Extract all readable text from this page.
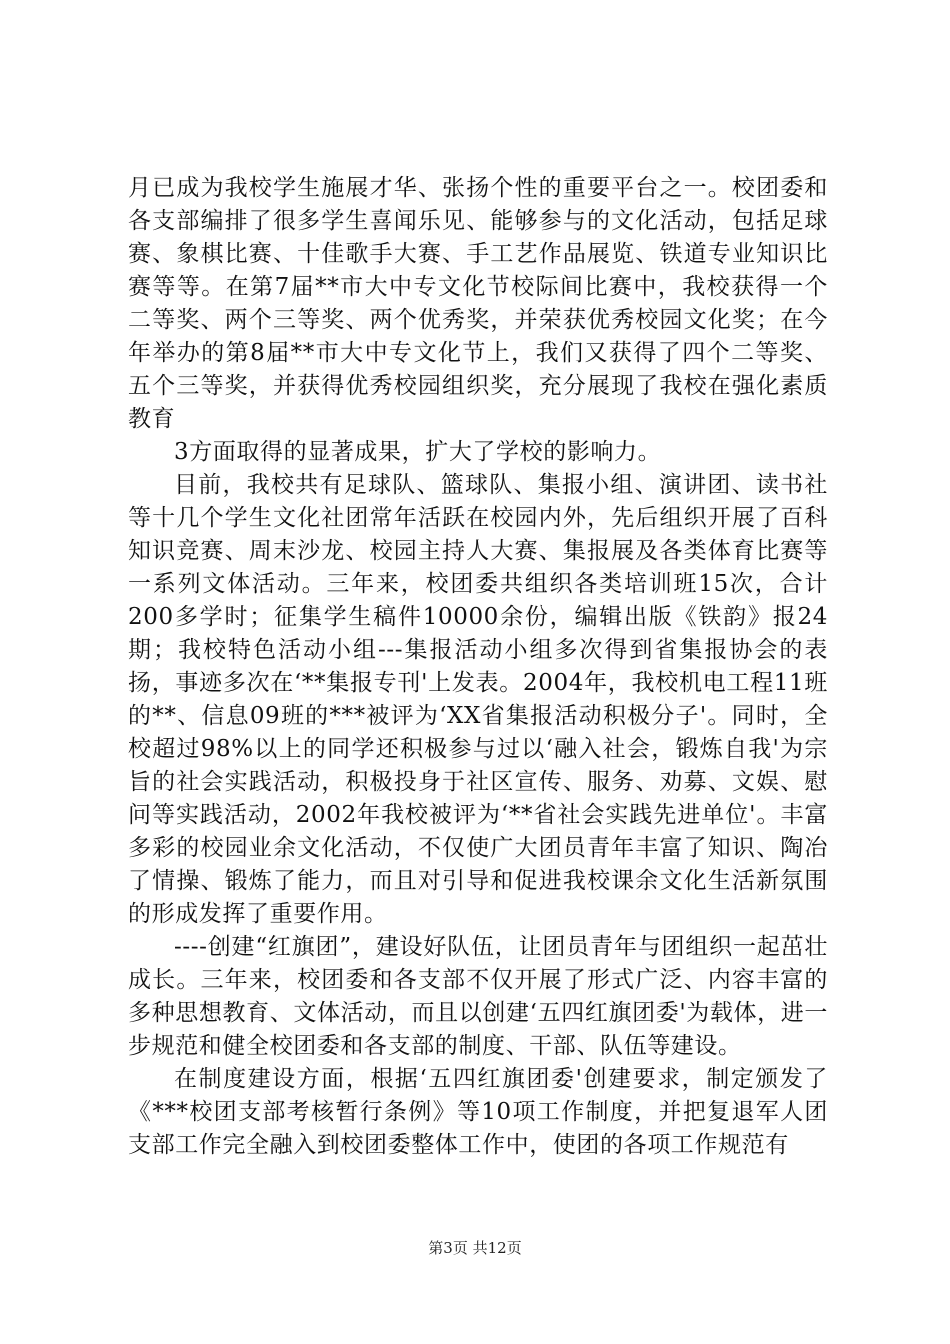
月已成为我校学生施展才华、张扬个性的重要平台之一。校团委和各支部编排了很多学生喜闻乐见、能够参与的文化活动，包括足球赛、象棋比赛、十佳歌手大赛、手工艺作品展览、铁道专业知识比赛等等。在第7届**市大中专文化节校际间比赛中，我校获得一个二等奖、两个三等奖、两个优秀奖，并荣获优秀校园文化奖；在今年举办的第8届**市大中专文化节上，我们又获得了四个二等奖、五个三等奖，并获得优秀校园组织奖，充分展现了我校在强化素质教育

3方面取得的显著成果，扩大了学校的影响力。

目前，我校共有足球队、篮球队、集报小组、演讲团、读书社等十几个学生文化社团常年活跃在校园内外，先后组织开展了百科知识竞赛、周末沙龙、校园主持人大赛、集报展及各类体育比赛等一系列文体活动。三年来，校团委共组织各类培训班15次，合计200多学时；征集学生稿件10000余份，编辑出版《铁韵》报24期；我校特色活动小组---集报活动小组多次得到省集报协会的表扬，事迹多次在‘**集报专刊'上发表。2004年，我校机电工程11班的**、信息09班的***被评为‘XX省集报活动积极分子'。同时，全校超过98%以上的同学还积极参与过以‘融入社会，锻炼自我'为宗旨的社会实践活动，积极投身于社区宣传、服务、劝募、文娱、慰问等实践活动，2002年我校被评为‘**省社会实践先进单位'。丰富多彩的校园业余文化活动，不仅使广大团员青年丰富了知识、陶冶了情操、锻炼了能力，而且对引导和促进我校课余文化生活新氛围的形成发挥了重要作用。

----创建“红旗团”，建设好队伍，让团员青年与团组织一起茁壮成长。三年来，校团委和各支部不仅开展了形式广泛、内容丰富的多种思想教育、文体活动，而且以创建‘五四红旗团委'为载体，进一步规范和健全校团委和各支部的制度、干部、队伍等建设。

在制度建设方面，根据‘五四红旗团委'创建要求，制定颁发了《***校团支部考核暂行条例》等10项工作制度，并把复退军人团支部工作完全融入到校团委整体工作中，使团的各项工作规范有

第3页 共12页
